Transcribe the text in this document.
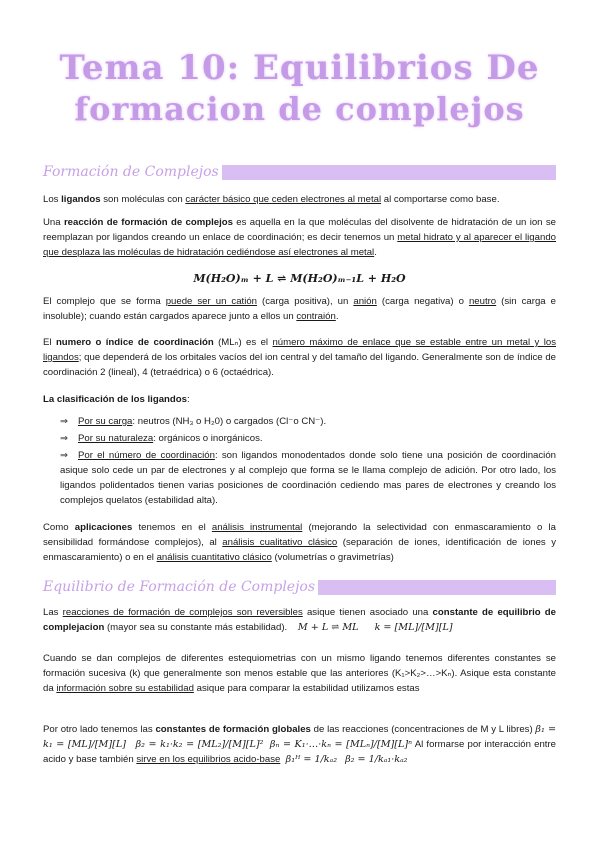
Tema 10: Equilibrios De
formacion de complejos
Formación de Complejos

Los ligandos son moléculas con carácter básico que ceden electrones al metal al comportarse como base.

Una reacción de formación de complejos es aquella en la que moléculas del disolvente de hidratación de un ion se reemplazan por ligandos creando un enlace de coordinación; es decir tenemos un metal hidrato y al aparecer el ligando que desplaza las moléculas de hidratación cediéndose así electrones al metal.

M(H₂O)ₘ + L ⇌ M(H₂O)ₘ₋₁L + H₂O

El complejo que se forma puede ser un catión (carga positiva), un anión (carga negativa) o neutro (sin carga e insoluble); cuando están cargados aparece junto a ellos un contraión.

El numero o índice de coordinación (MLₙ) es el número máximo de enlace que se estable entre un metal y los ligandos; que dependerá de los orbitales vacíos del ion central y del tamaño del ligando. Generalmente son de índice de coordinación 2 (lineal), 4 (tetraédrica) o 6 (octaédrica).

La clasificación de los ligandos:

⇒ Por su carga: neutros (NH₃ o H₂0) o cargados (Cl⁻o CN⁻).
⇒ Por su naturaleza: orgánicos o inorgánicos.
⇒ Por el número de coordinación: son ligandos monodentados donde solo tiene una posición de coordinación asique solo cede un par de electrones y al complejo que forma se le llama complejo de adición. Por otro lado, los ligandos polidentados tienen varias posiciones de coordinación cediendo mas pares de electrones y creando los complejos quelatos (estabilidad alta).

Como aplicaciones tenemos en el análisis instrumental (mejorando la selectividad con enmascaramiento o la sensibilidad formándose complejos), al análisis cualitativo clásico (separación de iones, identificación de iones y enmascaramiento) o en el análisis cuantitativo clásico (volumetrías o gravimetrías)

Equilibrio de Formación de Complejos

Las reacciones de formación de complejos son reversibles asique tienen asociado una constante de equilibrio de complejacion (mayor sea su constante más estabilidad). M + L ⇌ ML k = [ML]/[M][L]

Cuando se dan complejos de diferentes estequiometrias con un mismo ligando tenemos diferentes constantes se formación sucesiva (k) que generalmente son menos estable que las anteriores (K₁>K₂>…>Kₙ). Asique esta constante da información sobre su estabilidad asique para comparar la estabilidad utilizamos estas

Por otro lado tenemos las constantes de formación globales de las reacciones (concentraciones de M y L libres) β₁ = k₁ = [ML]/[M][L] β₂ = k₁·k₂ = [ML₂]/[M][L]² βₙ = K₁·…·kₙ = [MLₙ]/[M][L]ⁿ Al formarse por interacción entre acido y base también sirve en los equilibrios acido-base β₁ᴴ = 1/kₐ₂ β₂ = 1/kₐ₁·kₐ₂
